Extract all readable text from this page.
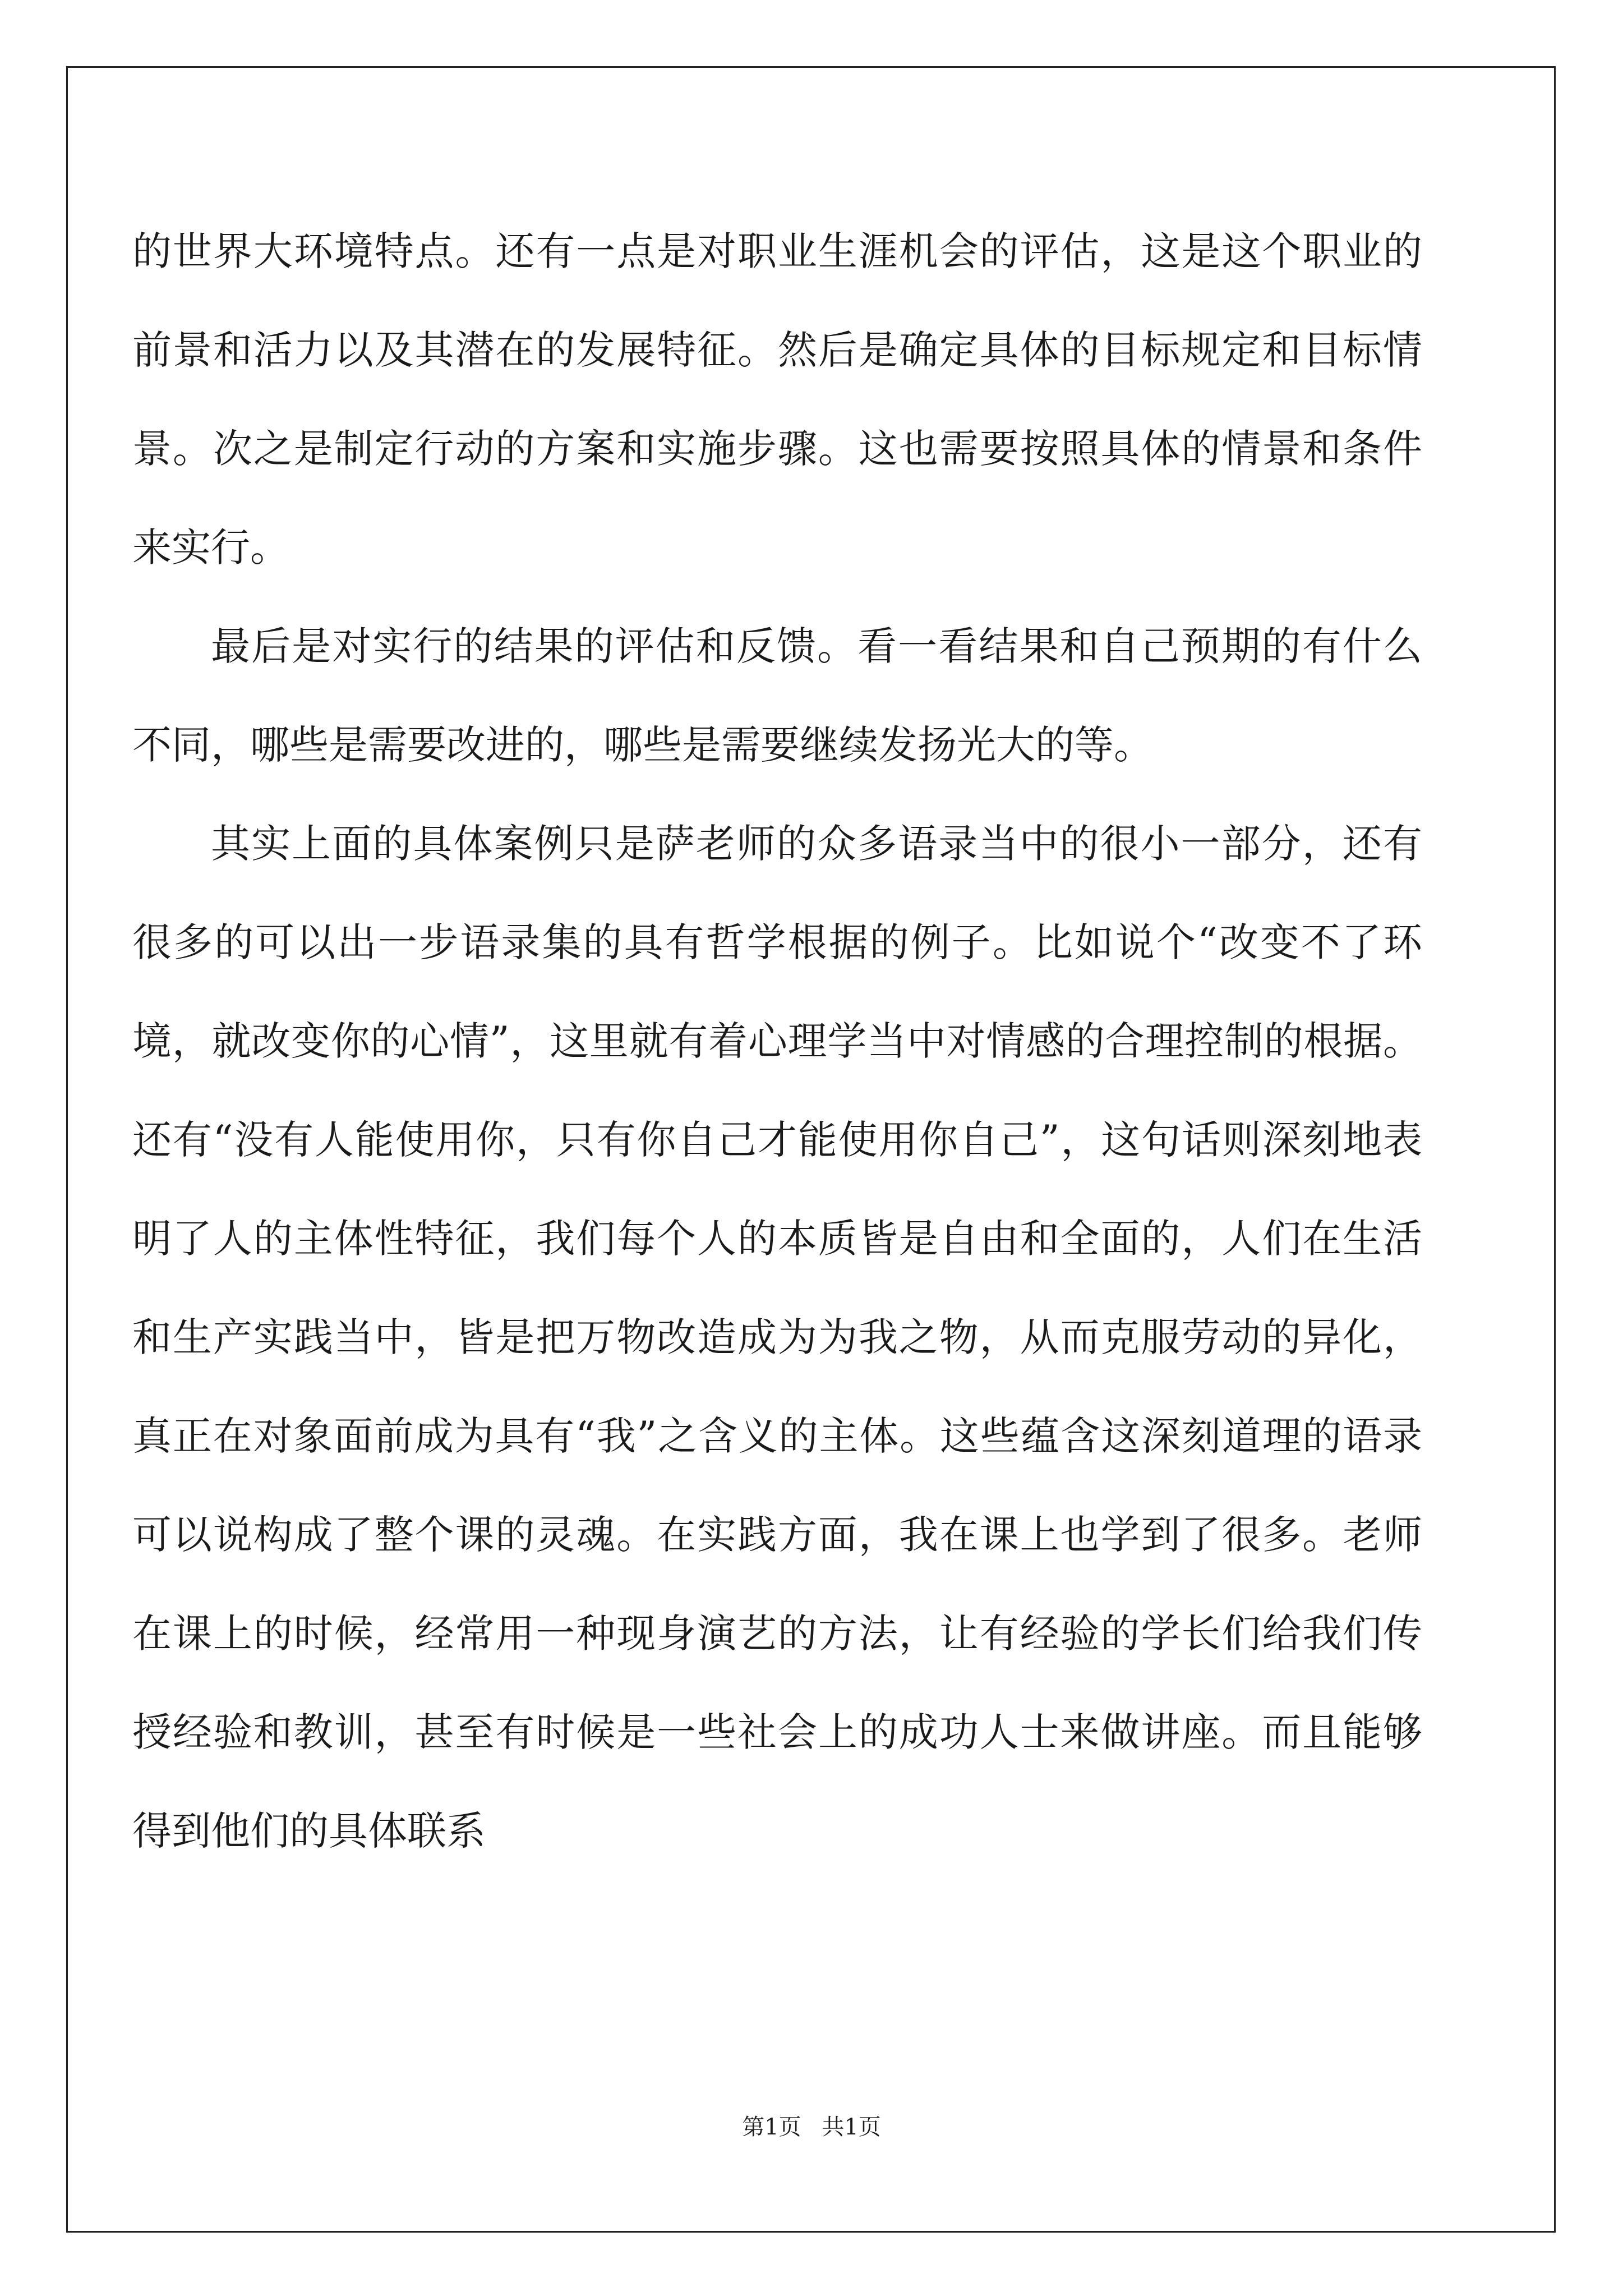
的世界大环境特点。还有一点是对职业生涯机会的评估，这是这个职业的前景和活力以及其潜在的发展特征。然后是确定具体的目标规定和目标情景。次之是制定行动的方案和实施步骤。这也需要按照具体的情景和条件来实行。

最后是对实行的结果的评估和反馈。看一看结果和自己预期的有什么不同，哪些是需要改进的，哪些是需要继续发扬光大的等。

其实上面的具体案例只是萨老师的众多语录当中的很小一部分，还有很多的可以出一步语录集的具有哲学根据的例子。比如说个“改变不了环境，就改变你的心情”，这里就有着心理学当中对情感的合理控制的根据。还有“没有人能使用你，只有你自己才能使用你自己”，这句话则深刻地表明了人的主体性特征，我们每个人的本质皆是自由和全面的，人们在生活和生产实践当中，皆是把万物改造成为为我之物，从而克服劳动的异化，真正在对象面前成为具有“我”之含义的主体。这些蕴含这深刻道理的语录可以说构成了整个课的灵魂。在实践方面，我在课上也学到了很多。老师在课上的时候，经常用一种现身演艺的方法，让有经验的学长们给我们传授经验和教训，甚至有时候是一些社会上的成功人士来做讲座。而且能够得到他们的具体联系

第1页 共1页
